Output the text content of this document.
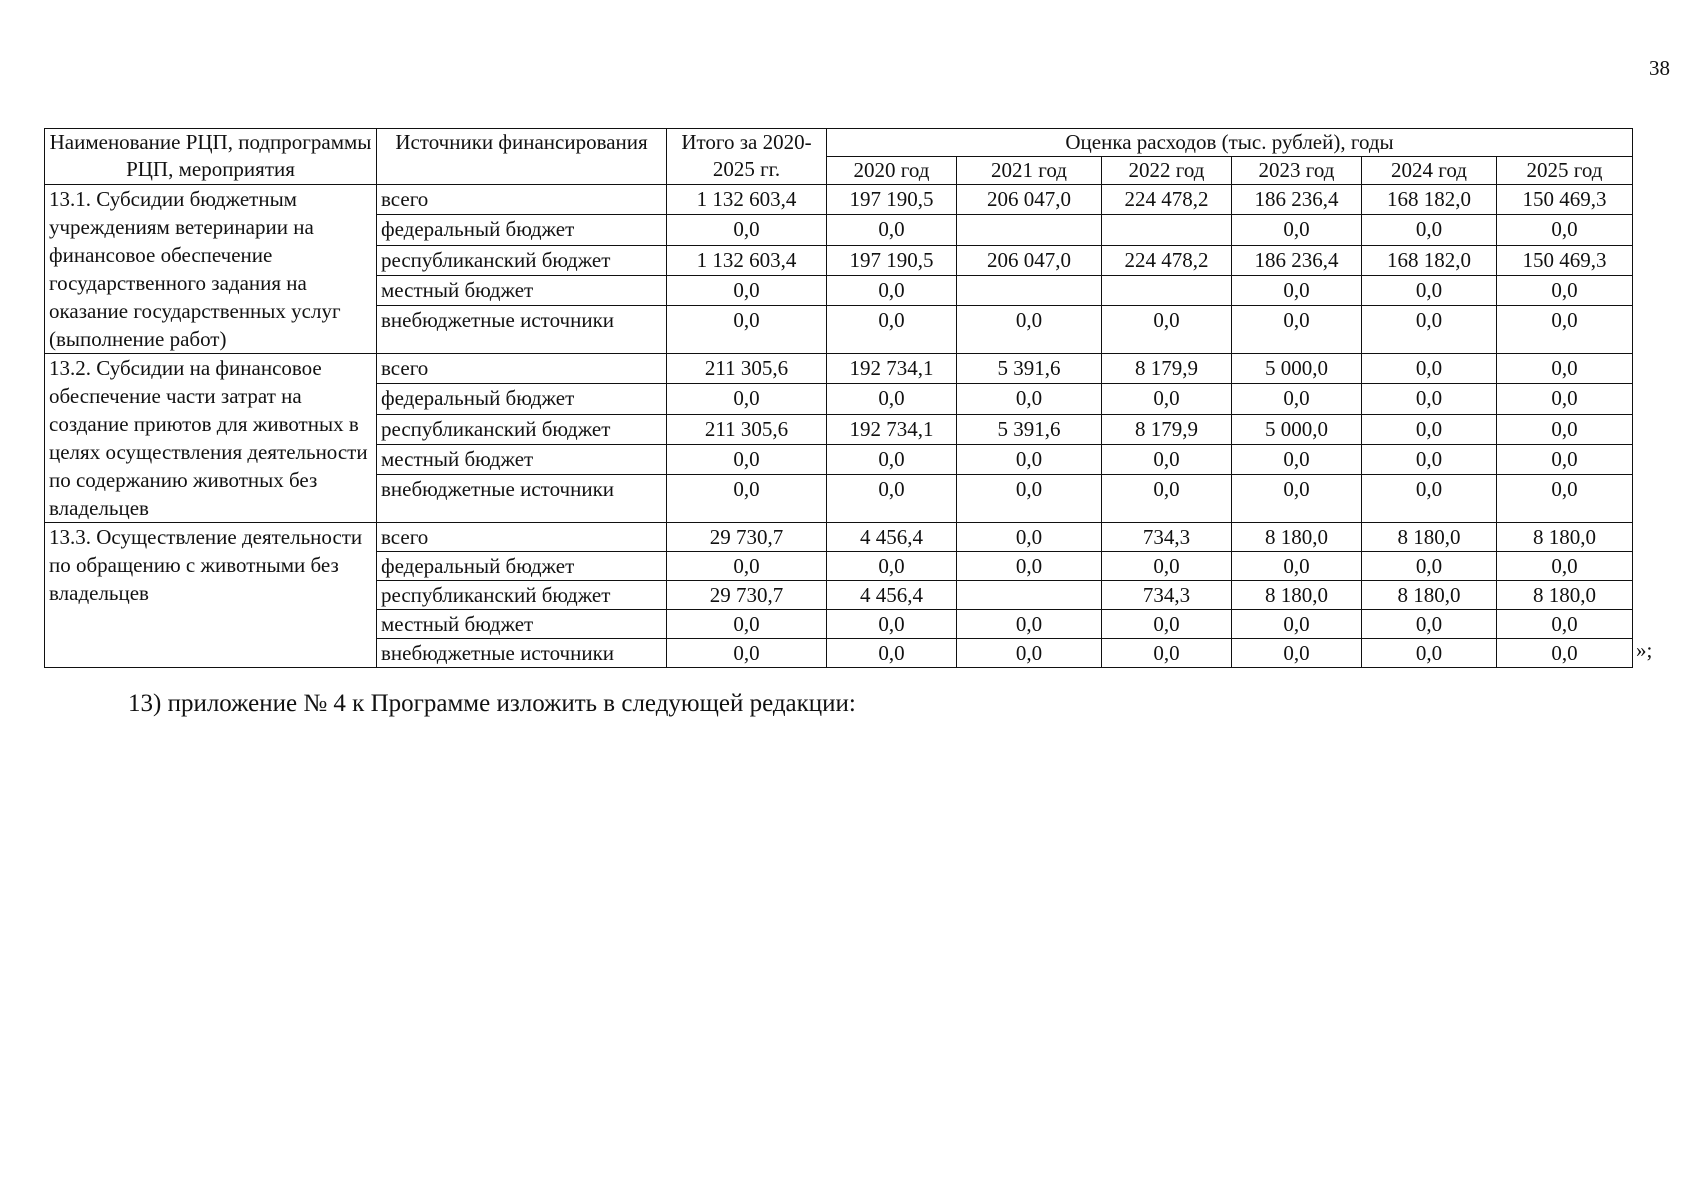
38
Наименование РЦП, подпрограммы РЦП, мероприятия	Источники финансирования	Итого за 2020-2025 гг.	Оценка расходов (тыс. рублей), годы					
			2020 год	2021 год	2022 год	2023 год	2024 год	2025 год
13.1. Субсидии бюджетным учреждениям ветеринарии на финансовое обеспечение государственного задания на оказание государственных услуг (выполнение работ)	всего	1 132 603,4	197 190,5	206 047,0	224 478,2	186 236,4	168 182,0	150 469,3
	федеральный бюджет	0,0	0,0			0,0	0,0	0,0
	республиканский бюджет	1 132 603,4	197 190,5	206 047,0	224 478,2	186 236,4	168 182,0	150 469,3
	местный бюджет	0,0	0,0			0,0	0,0	0,0
	внебюджетные источники	0,0	0,0	0,0	0,0	0,0	0,0	0,0
13.2. Субсидии на финансовое обеспечение части затрат на создание приютов для животных в целях осуществления деятельности по содержанию животных без владельцев	всего	211 305,6	192 734,1	5 391,6	8 179,9	5 000,0	0,0	0,0
	федеральный бюджет	0,0	0,0	0,0	0,0	0,0	0,0	0,0
	республиканский бюджет	211 305,6	192 734,1	5 391,6	8 179,9	5 000,0	0,0	0,0
	местный бюджет	0,0	0,0	0,0	0,0	0,0	0,0	0,0
	внебюджетные источники	0,0	0,0	0,0	0,0	0,0	0,0	0,0
13.3. Осуществление деятельности по обращению с животными без владельцев	всего	29 730,7	4 456,4	0,0	734,3	8 180,0	8 180,0	8 180,0
	федеральный бюджет	0,0	0,0	0,0	0,0	0,0	0,0	0,0
	республиканский бюджет	29 730,7	4 456,4		734,3	8 180,0	8 180,0	8 180,0
	местный бюджет	0,0	0,0	0,0	0,0	0,0	0,0	0,0
	внебюджетные источники	0,0	0,0	0,0	0,0	0,0	0,0	0,0	»;
13) приложение № 4 к Программе изложить в следующей редакции:
